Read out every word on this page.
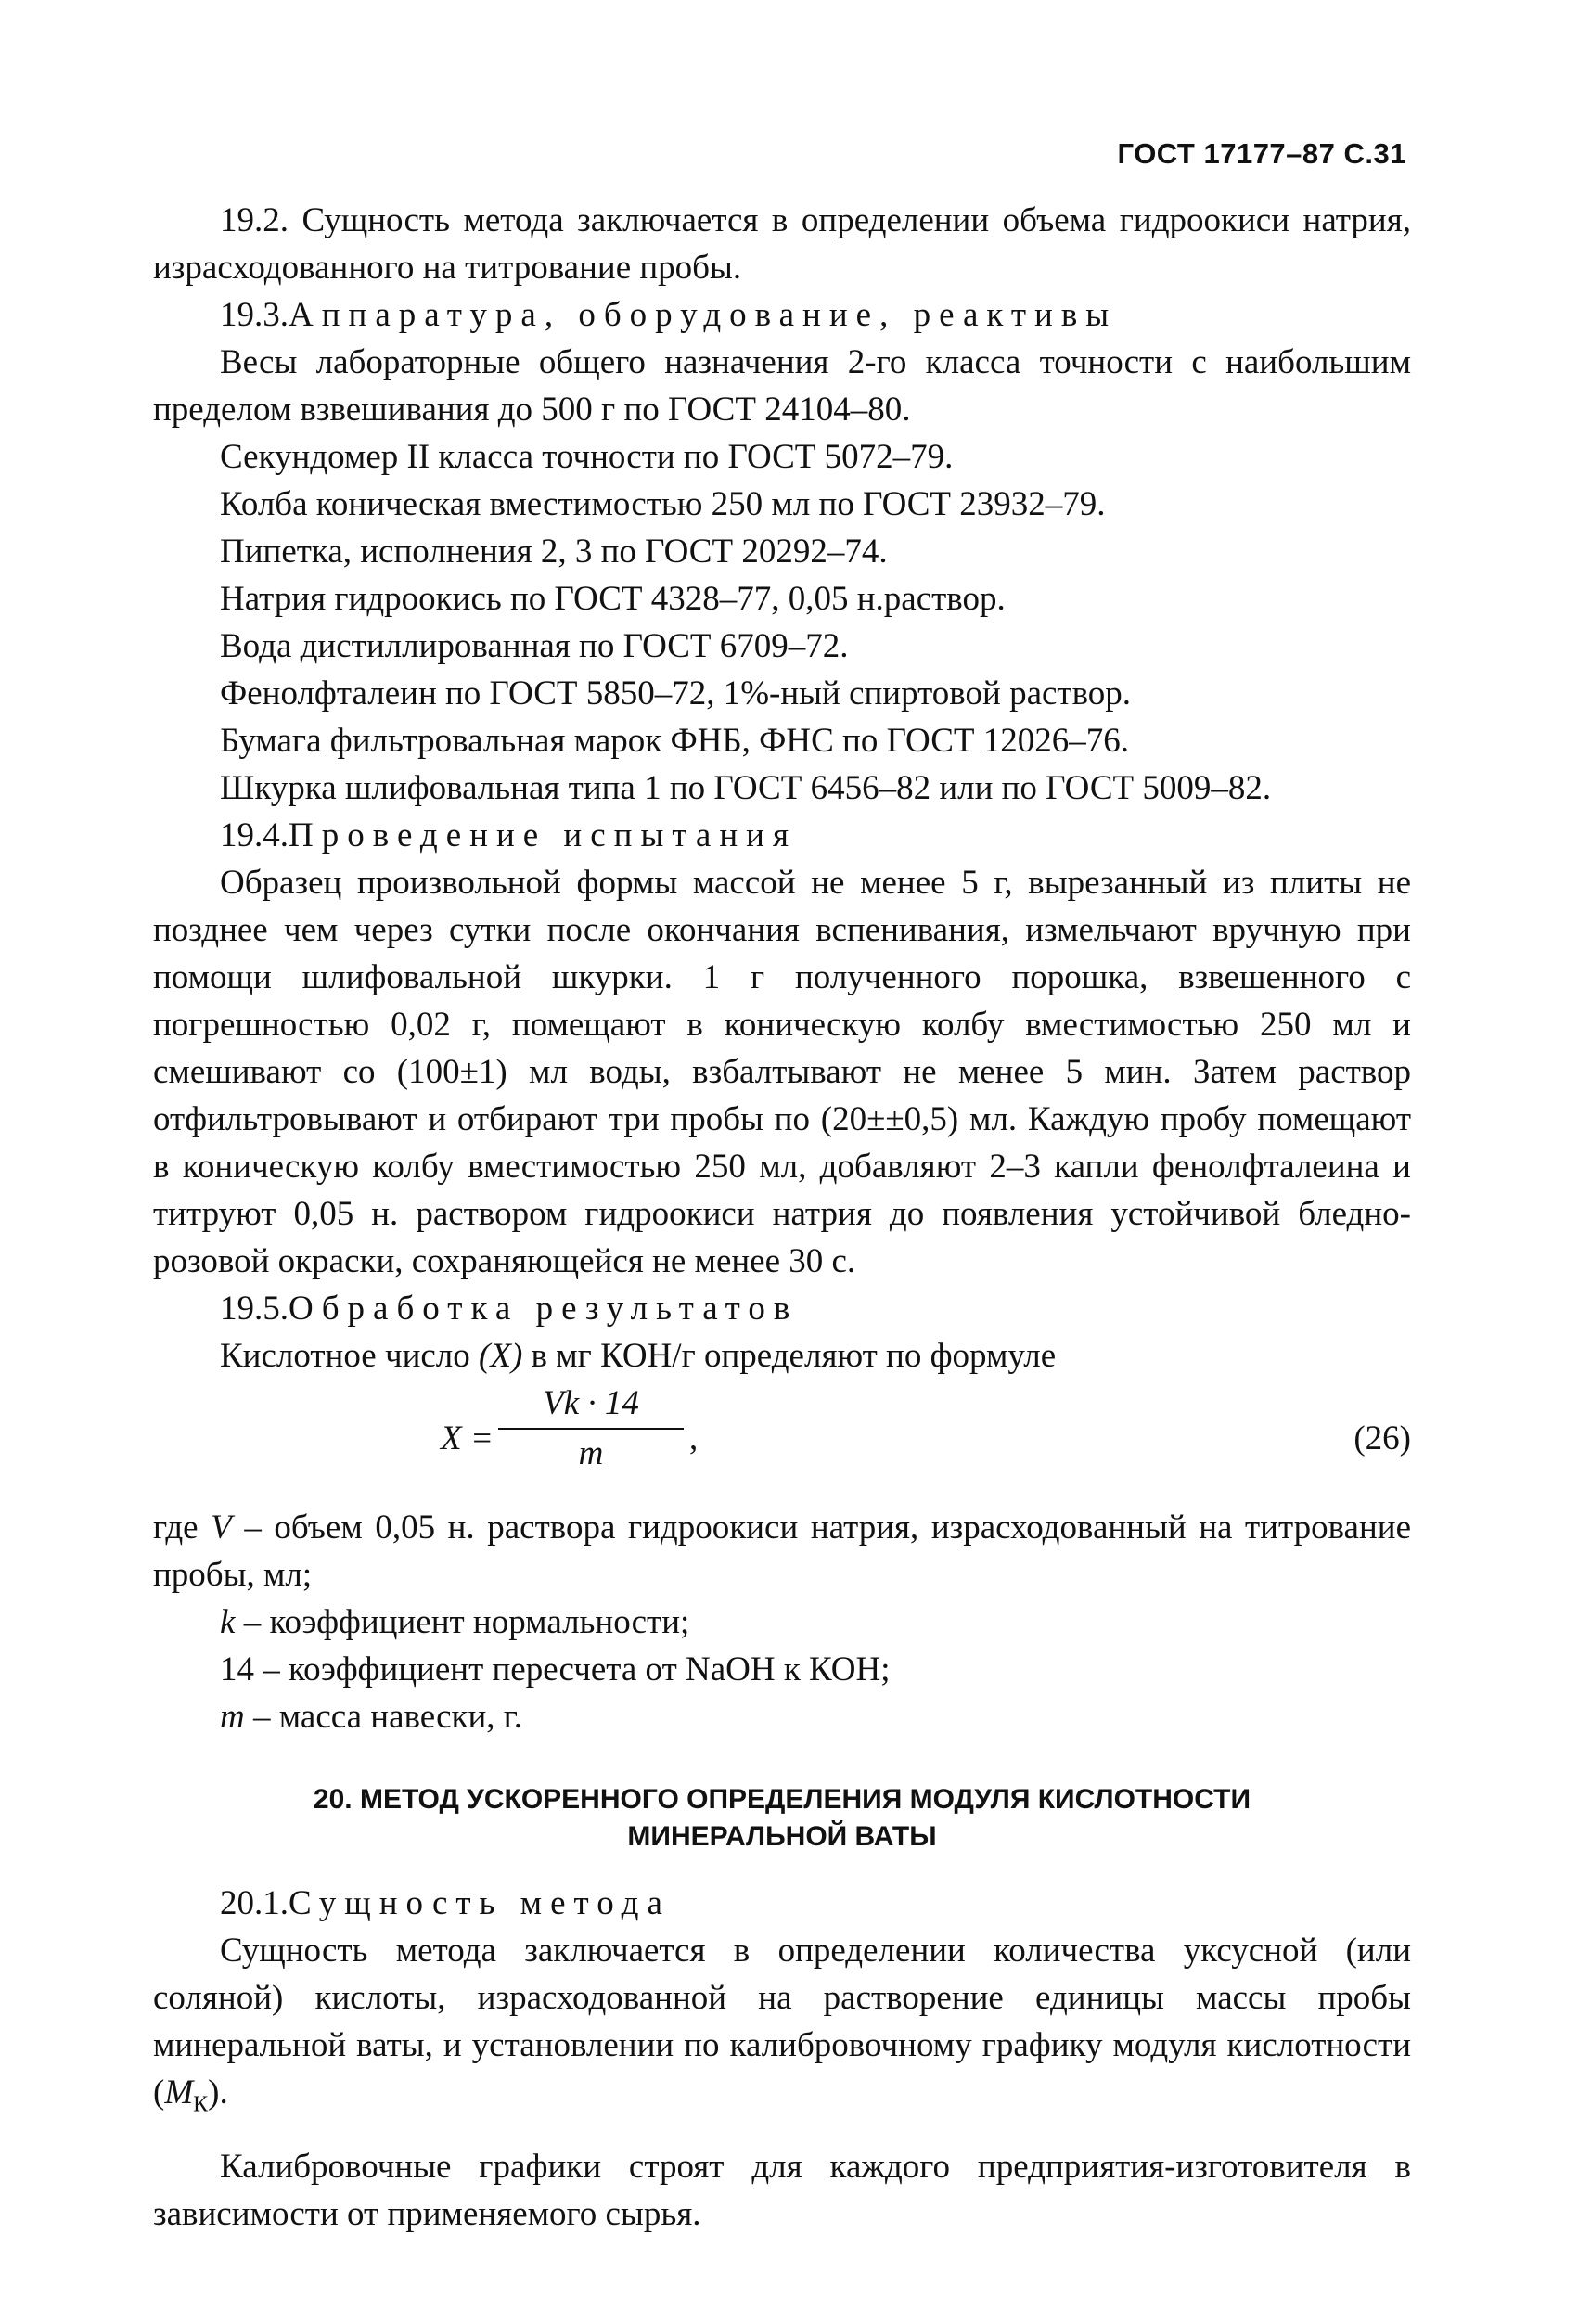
ГОСТ 17177–87 С.31

19.2. Сущность метода заключается в определении объема гидроокиси натрия, израсходованного на титрование пробы.

19.3.Аппаратура, оборудование, реактивы

Весы лабораторные общего назначения 2-го класса точности с наибольшим пределом взвешивания до 500 г по ГОСТ 24104–80.

Секундомер II класса точности по ГОСТ 5072–79.

Колба коническая вместимостью 250 мл по ГОСТ 23932–79.

Пипетка, исполнения 2, 3 по ГОСТ 20292–74.

Натрия гидроокись по ГОСТ 4328–77, 0,05 н.раствор.

Вода дистиллированная по ГОСТ 6709–72.

Фенолфталеин по ГОСТ 5850–72, 1%-ный спиртовой раствор.

Бумага фильтровальная марок ФНБ, ФНС по ГОСТ 12026–76.

Шкурка шлифовальная типа 1 по ГОСТ 6456–82 или по ГОСТ 5009–82.

19.4.Проведение испытания

Образец произвольной формы массой не менее 5 г, вырезанный из плиты не позднее чем через сутки после окончания вспенивания, измельчают вручную при помощи шлифовальной шкурки. 1 г полученного порошка, взвешенного с погрешностью 0,02 г, помещают в коническую колбу вместимостью 250 мл и смешивают со (100±1) мл воды, взбалтывают не менее 5 мин. Затем раствор отфильтровывают и отбирают три пробы по (20±±0,5) мл. Каждую пробу помещают в коническую колбу вместимостью 250 мл, добавляют 2–3 капли фенолфталеина и титруют 0,05 н. раствором гидроокиси натрия до появления устойчивой бледно-розовой окраски, сохраняющейся не менее 30 с.

19.5.Обработка результатов

Кислотное число (X) в мг КОН/г определяют по формуле

X =
Vk · 14
m	,	(26)

где V – объем 0,05 н. раствора гидроокиси натрия, израсходованный на титрование пробы, мл;

k – коэффициент нормальности;

14 – коэффициент пересчета от NaOH к КОН;

m – масса навески, г.

20. МЕТОД УСКОРЕННОГО ОПРЕДЕЛЕНИЯ МОДУЛЯ КИСЛОТНОСТИ
МИНЕРАЛЬНОЙ ВАТЫ

20.1.Сущность метода

Сущность метода заключается в определении количества уксусной (или соляной) кислоты, израсходованной на растворение единицы массы пробы минеральной ваты, и установлении по калибровочному графику модуля кислотности $(M_К)$.

Калибровочные графики строят для каждого предприятия-изготовителя в зависимости от применяемого сырья.
